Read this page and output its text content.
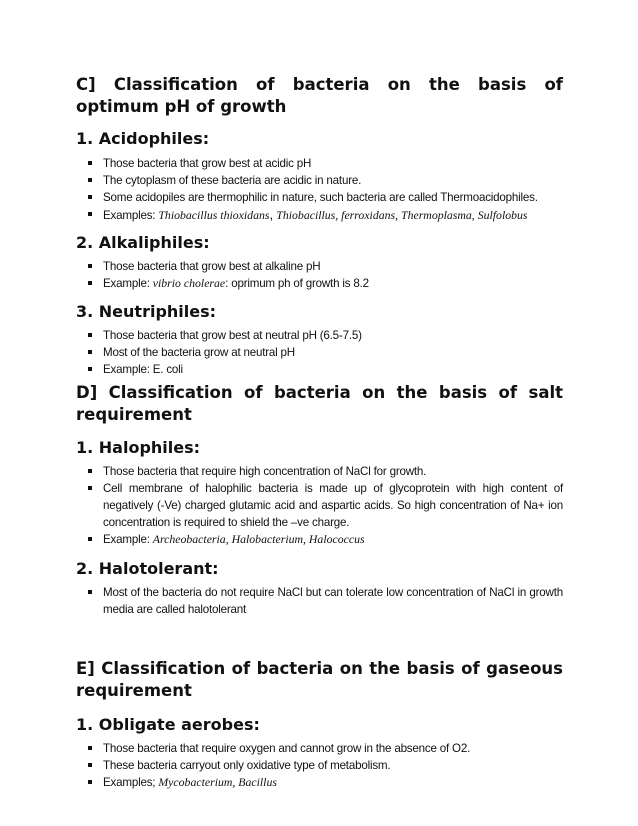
C] Classification of bacteria on the basis of optimum pH of growth
1. Acidophiles:
Those bacteria that grow best at acidic pH
The cytoplasm of these bacteria are acidic in nature.
Some acidopiles are thermophilic in nature, such bacteria are called Thermoacidophiles.
Examples: Thiobacillus thioxidans, Thiobacillus, ferroxidans, Thermoplasma, Sulfolobus
2. Alkaliphiles:
Those bacteria that grow best at alkaline pH
Example: vibrio cholerae: oprimum ph of growth is 8.2
3. Neutriphiles:
Those bacteria that grow best at neutral pH (6.5-7.5)
Most of the bacteria grow at neutral pH
Example: E. coli
D] Classification of bacteria on the basis of salt requirement
1. Halophiles:
Those bacteria that require high concentration of NaCl for growth.
Cell membrane of halophilic bacteria is made up of glycoprotein with high content of negatively (-Ve) charged glutamic acid and aspartic acids. So high concentration of Na+ ion concentration is required to shield the –ve charge.
Example: Archeobacteria, Halobacterium, Halococcus
2. Halotolerant:
Most of the bacteria do not require NaCl but can tolerate low concentration of NaCl in growth media are called halotolerant
E] Classification of bacteria on the basis of gaseous requirement
1. Obligate aerobes:
Those bacteria that require oxygen and cannot grow in the absence of O2.
These bacteria carryout only oxidative type of metabolism.
Examples; Mycobacterium, Bacillus
